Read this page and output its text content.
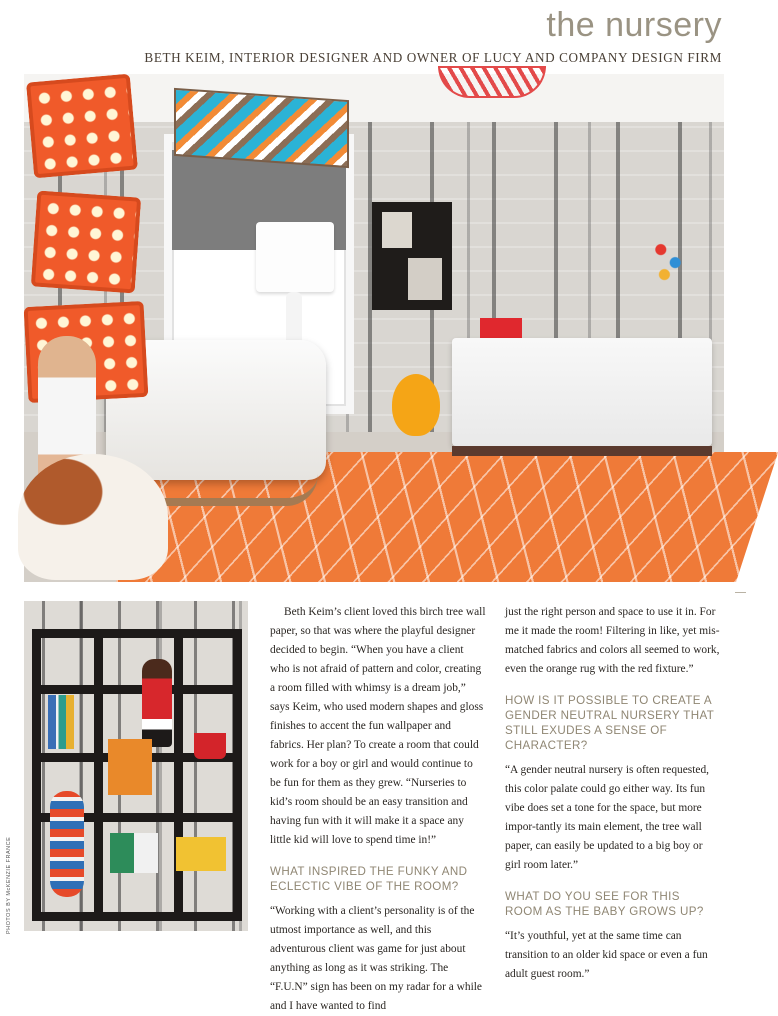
the nursery
BETH KEIM, INTERIOR DESIGNER AND OWNER OF LUCY AND COMPANY DESIGN FIRM
PHOTOS BY McKENZIE FRANCE

Beth Keim’s client loved this birch tree wall paper, so that was where the playful designer decided to begin. “When you have a client who is not afraid of pattern and color, creating a room filled with whimsy is a dream job,” says Keim, who used modern shapes and gloss finishes to accent the fun wallpaper and fabrics. Her plan? To create a room that could work for a boy or girl and would continue to be fun for them as they grew. “Nurseries to kid’s room should be an easy transition and having fun with it will make it a space any little kid will love to spend time in!”

WHAT INSPIRED THE FUNKY AND ECLECTIC VIBE OF THE ROOM?

“Working with a client’s personality is of the utmost importance as well, and this adventurous client was game for just about anything as long as it was striking. The “F.U.N” sign has been on my radar for a while and I have wanted to find

just the right person and space to use it in. For me it made the room! Filtering in like, yet mis-matched fabrics and colors all seemed to work, even the orange rug with the red fixture.”

HOW IS IT POSSIBLE TO CREATE A GENDER NEUTRAL NURSERY THAT STILL EXUDES A SENSE OF CHARACTER?

“A gender neutral nursery is often requested, this color palate could go either way. Its fun vibe does set a tone for the space, but more impor-tantly its main element, the tree wall paper, can easily be updated to a big boy or girl room later.”

WHAT DO YOU SEE FOR THIS ROOM AS THE BABY GROWS UP?

“It’s youthful, yet at the same time can transition to an older kid space or even a fun adult guest room.”
